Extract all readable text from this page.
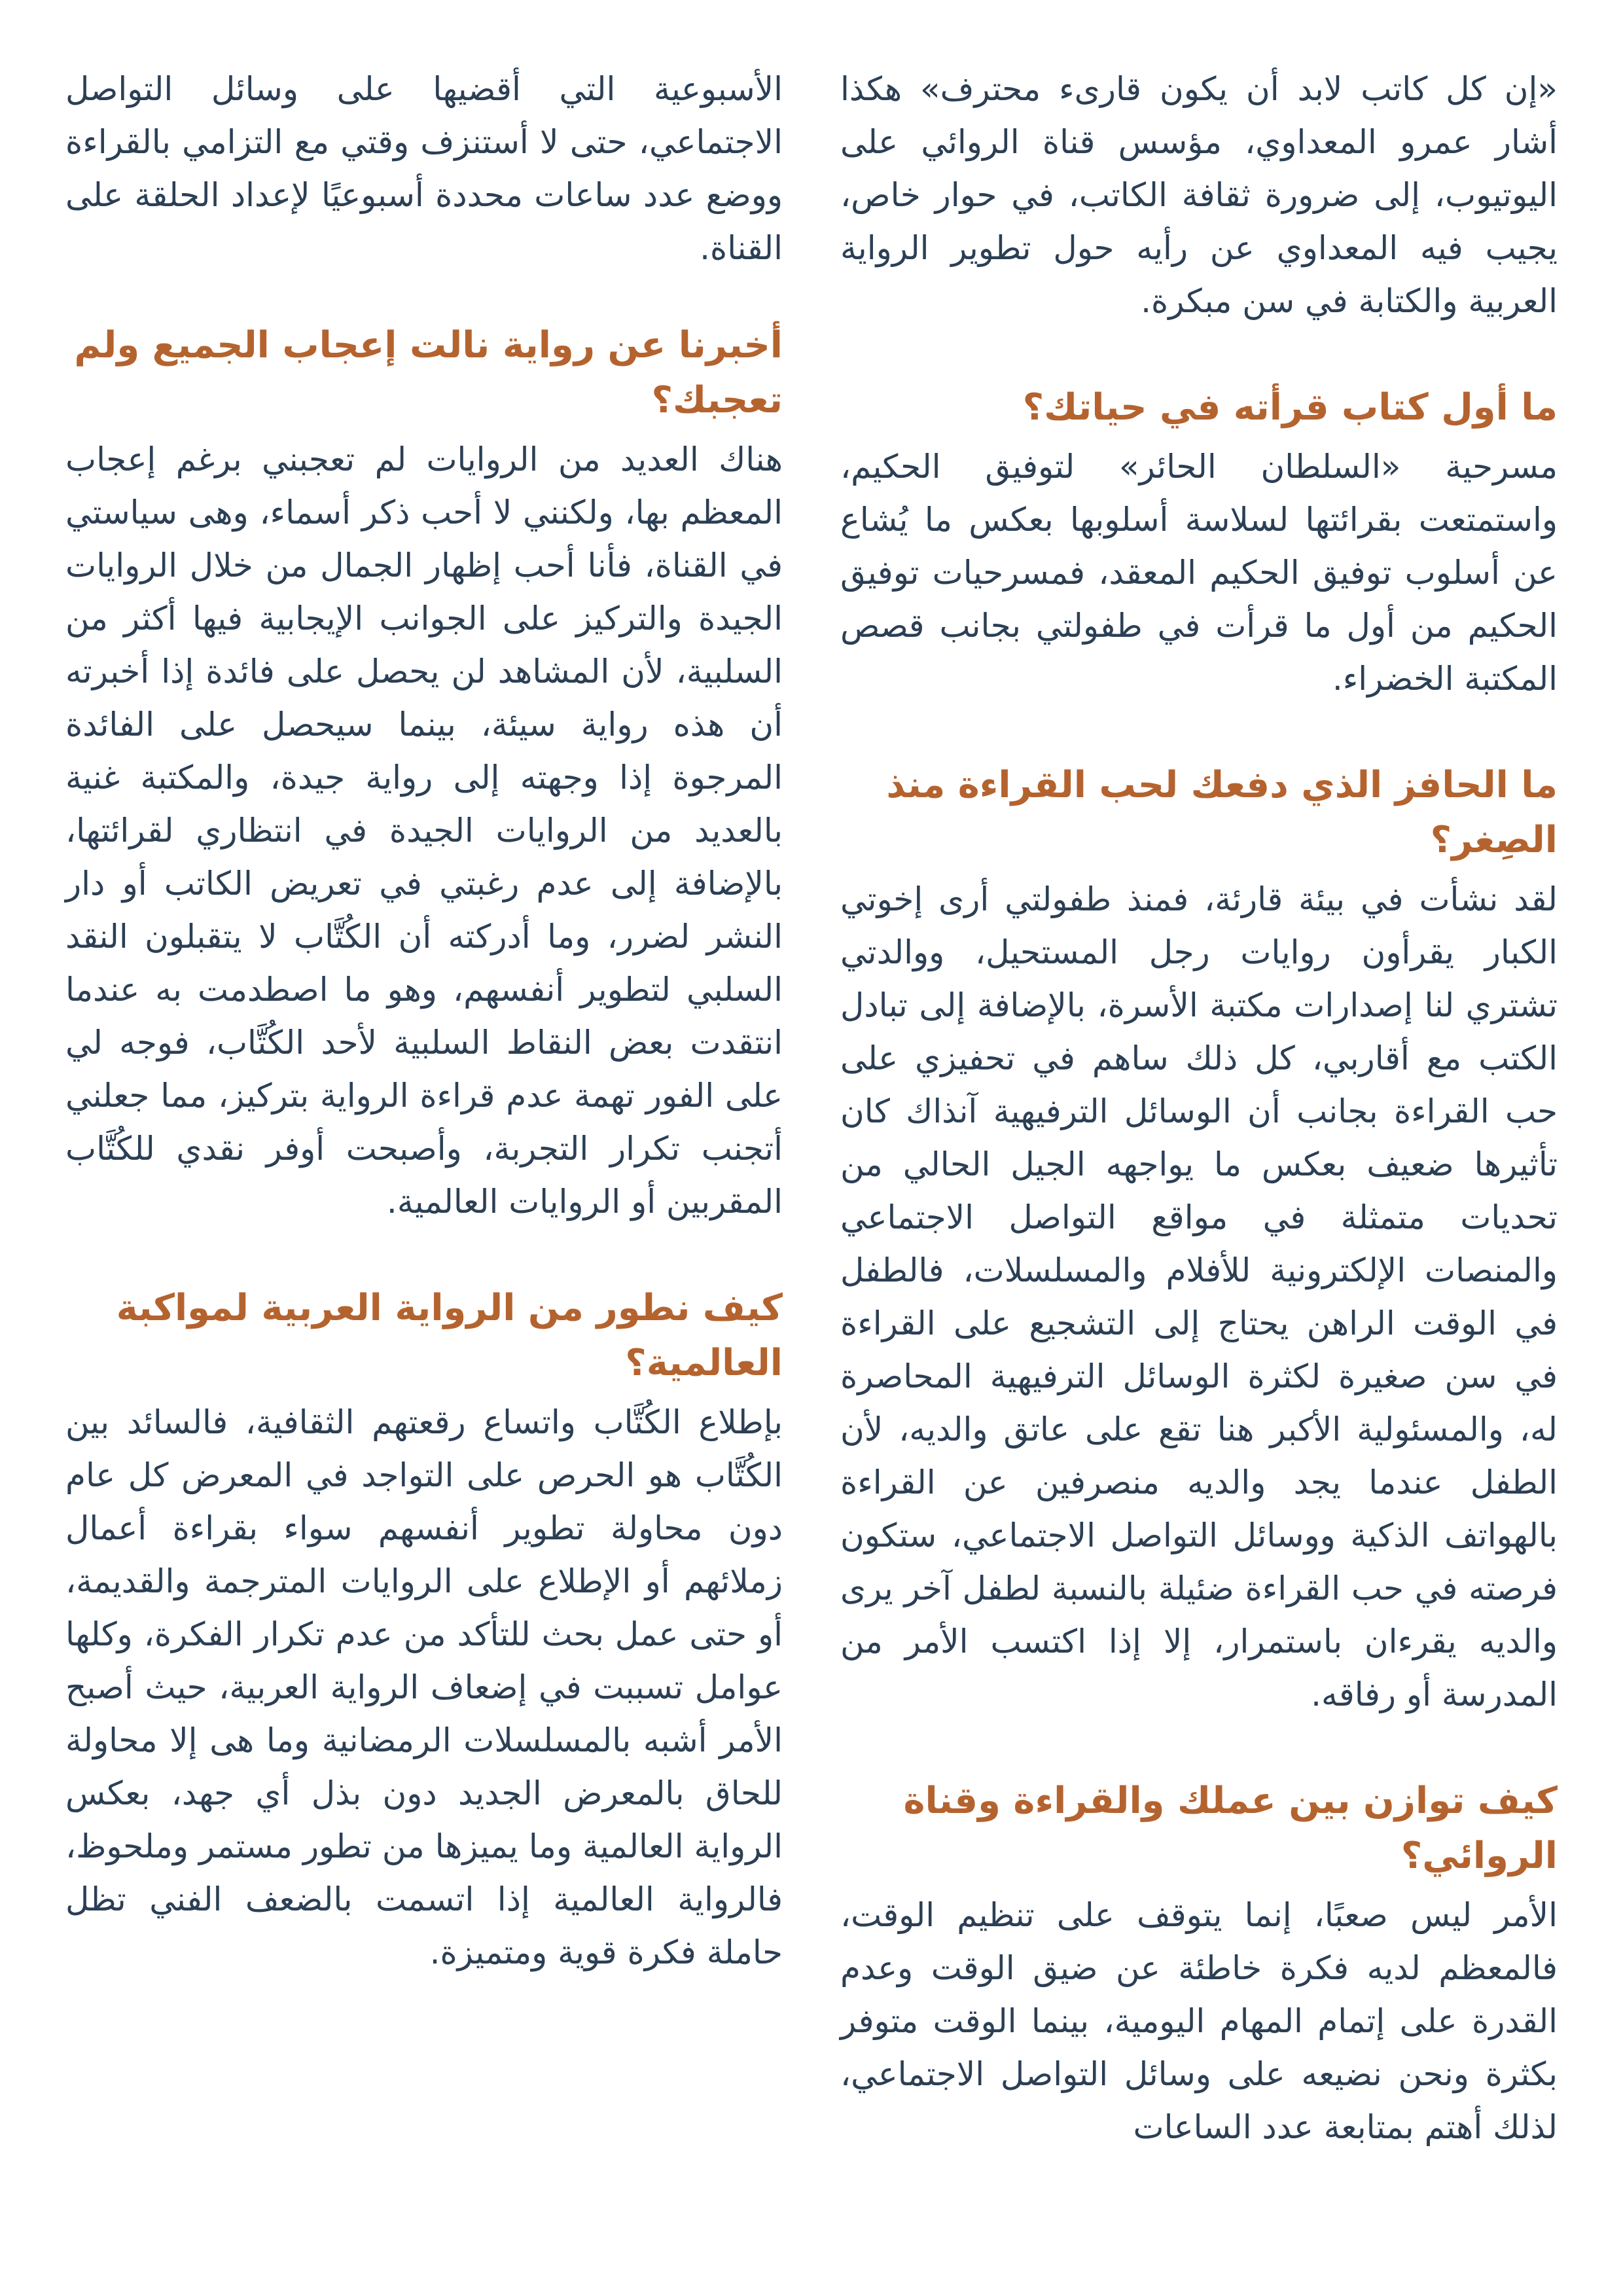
«إن كل كاتب لابد أن يكون قارىء محترف» هكذا أشار عمرو المعداوي، مؤسس قناة الروائي على اليوتيوب، إلى ضرورة ثقافة الكاتب، في حوار خاص، يجيب فيه المعداوي عن رأيه حول تطوير الرواية العربية والكتابة في سن مبكرة.

ما أول كتاب قرأته في حياتك؟

مسرحية «السلطان الحائر» لتوفيق الحكيم، واستمتعت بقرائتها لسلاسة أسلوبها بعكس ما يُشاع عن أسلوب توفيق الحكيم المعقد، فمسرحيات توفيق الحكيم من أول ما قرأت في طفولتي بجانب قصص المكتبة الخضراء.

ما الحافز الذي دفعك لحب القراءة منذ الصِغر؟

لقد نشأت في بيئة قارئة، فمنذ طفولتي أرى إخوتي الكبار يقرأون روايات رجل المستحيل، ووالدتي تشتري لنا إصدارات مكتبة الأسرة، بالإضافة إلى تبادل الكتب مع أقاربي، كل ذلك ساهم في تحفيزي على حب القراءة بجانب أن الوسائل الترفيهية آنذاك كان تأثيرها ضعيف بعكس ما يواجهه الجيل الحالي من تحديات متمثلة في مواقع التواصل الاجتماعي والمنصات الإلكترونية للأفلام والمسلسلات، فالطفل في الوقت الراهن يحتاج إلى التشجيع على القراءة في سن صغيرة لكثرة الوسائل الترفيهية المحاصرة له، والمسئولية الأكبر هنا تقع على عاتق والديه، لأن الطفل عندما يجد والديه منصرفين عن القراءة بالهواتف الذكية ووسائل التواصل الاجتماعي، ستكون فرصته في حب القراءة ضئيلة بالنسبة لطفل آخر يرى والديه يقرءان باستمرار، إلا إذا اكتسب الأمر من المدرسة أو رفاقه.

كيف توازن بين عملك والقراءة وقناة الروائي؟

الأمر ليس صعبًا، إنما يتوقف على تنظيم الوقت، فالمعظم لديه فكرة خاطئة عن ضيق الوقت وعدم القدرة على إتمام المهام اليومية، بينما الوقت متوفر بكثرة ونحن نضيعه على وسائل التواصل الاجتماعي، لذلك أهتم بمتابعة عدد الساعات

الأسبوعية التي أقضيها على وسائل التواصل الاجتماعي، حتى لا أستنزف وقتي مع التزامي بالقراءة ووضع عدد ساعات محددة أسبوعيًا لإعداد الحلقة على القناة.

أخبرنا عن رواية نالت إعجاب الجميع ولم تعجبك؟

هناك العديد من الروايات لم تعجبني برغم إعجاب المعظم بها، ولكنني لا أحب ذكر أسماء، وهى سياستي في القناة، فأنا أحب إظهار الجمال من خلال الروايات الجيدة والتركيز على الجوانب الإيجابية فيها أكثر من السلبية، لأن المشاهد لن يحصل على فائدة إذا أخبرته أن هذه رواية سيئة، بينما سيحصل على الفائدة المرجوة إذا وجهته إلى رواية جيدة، والمكتبة غنية بالعديد من الروايات الجيدة في انتظاري لقرائتها، بالإضافة إلى عدم رغبتي في تعريض الكاتب أو دار النشر لضرر، وما أدركته أن الكُتَّاب لا يتقبلون النقد السلبي لتطوير أنفسهم، وهو ما اصطدمت به عندما انتقدت بعض النقاط السلبية لأحد الكُتَّاب، فوجه لي على الفور تهمة عدم قراءة الرواية بتركيز، مما جعلني أتجنب تكرار التجربة، وأصبحت أوفر نقدي للكُتَّاب المقربين أو الروايات العالمية.

كيف نطور من الرواية العربية لمواكبة العالمية؟

بإطلاع الكُتَّاب واتساع رقعتهم الثقافية، فالسائد بين الكُتَّاب هو الحرص على التواجد في المعرض كل عام دون محاولة تطوير أنفسهم سواء بقراءة أعمال زملائهم أو الإطلاع على الروايات المترجمة والقديمة، أو حتى عمل بحث للتأكد من عدم تكرار الفكرة، وكلها عوامل تسببت في إضعاف الرواية العربية، حيث أصبح الأمر أشبه بالمسلسلات الرمضانية وما هى إلا محاولة للحاق بالمعرض الجديد دون بذل أي جهد، بعكس الرواية العالمية وما يميزها من تطور مستمر وملحوظ، فالرواية العالمية إذا اتسمت بالضعف الفني تظل حاملة فكرة قوية ومتميزة.
